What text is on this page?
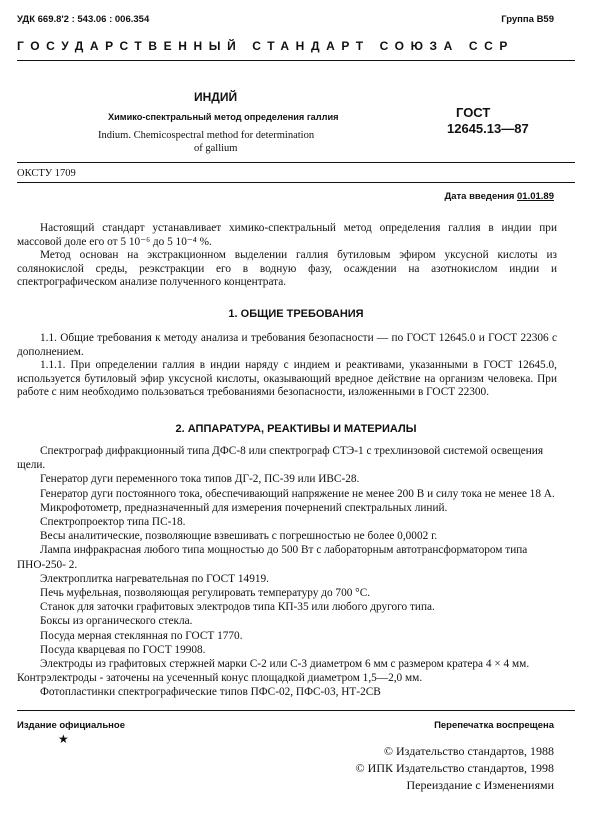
УДК 669.8'2 : 543.06 : 006.354	Группа В59
ГОСУДАРСТВЕННЫЙ СТАНДАРТ СОЮЗА ССР
ИНДИЙ
Химико-спектральный метод определения галлия
Indium. Chemicospectral method for determination
of gallium
ГОСТ
12645.13—87
ОКСТУ 1709
Дата введения 01.01.89

Настоящий стандарт устанавливает химико-спектральный метод определения галлия в индии при массовой доле его от 5 10⁻⁶ до 5 10⁻⁴ %.

Метод основан на экстракционном выделении галлия бутиловым эфиром уксусной кислоты из солянокислой среды, реэкстракции его в водную фазу, осаждении на азотнокислом индии и спектрографическом анализе полученного концентрата.

1. ОБЩИЕ ТРЕБОВАНИЯ

1.1. Общие требования к методу анализа и требования безопасности — по ГОСТ 12645.0 и ГОСТ 22306 с дополнением.

1.1.1. При определении галлия в индии наряду с индием и реактивами, указанными в ГОСТ 12645.0, используется бутиловый эфир уксусной кислоты, оказывающий вредное действие на организм человека. При работе с ним необходимо пользоваться требованиями безопасности, изложенными в ГОСТ 22300.

2. АППАРАТУРА, РЕАКТИВЫ И МАТЕРИАЛЫ

Спектрограф дифракционный типа ДФС-8 или спектрограф СТЭ-1 с трехлинзовой системой освещения щели.

Генератор дуги переменного тока типов ДГ-2, ПС-39 или ИВС-28.

Генератор дуги постоянного тока, обеспечивающий напряжение не менее 200 В и силу тока не менее 18 А.

Микрофотометр, предназначенный для измерения почернений спектральных линий.

Спектропроектор типа ПС-18.

Весы аналитические, позволяющие взвешивать с погрешностью не более 0,0002 г.

Лампа инфракрасная любого типа мощностью до 500 Вт с лабораторным автотрансформатором типа ПНО-250- 2.

Электроплитка нагревательная по ГОСТ 14919.

Печь муфельная, позволяющая регулировать температуру до 700 °С.

Станок для заточки графитовых электродов типа КП-35 или любого другого типа.

Боксы из органического стекла.

Посуда мерная стеклянная по ГОСТ 1770.

Посуда кварцевая по ГОСТ 19908.

Электроды из графитовых стержней марки С-2 или С-3 диаметром 6 мм с размером кратера 4 × 4 мм. Контрэлектроды - заточены на усеченный конус площадкой диаметром 1,5—2,0 мм.

Фотопластинки спектрографические типов ПФС-02, ПФС-03, НТ-2СВ

Издание официальное
★
Перепечатка воспрещена
© Издательство стандартов, 1988
© ИПК Издательство стандартов, 1998
Переиздание с Изменениями
